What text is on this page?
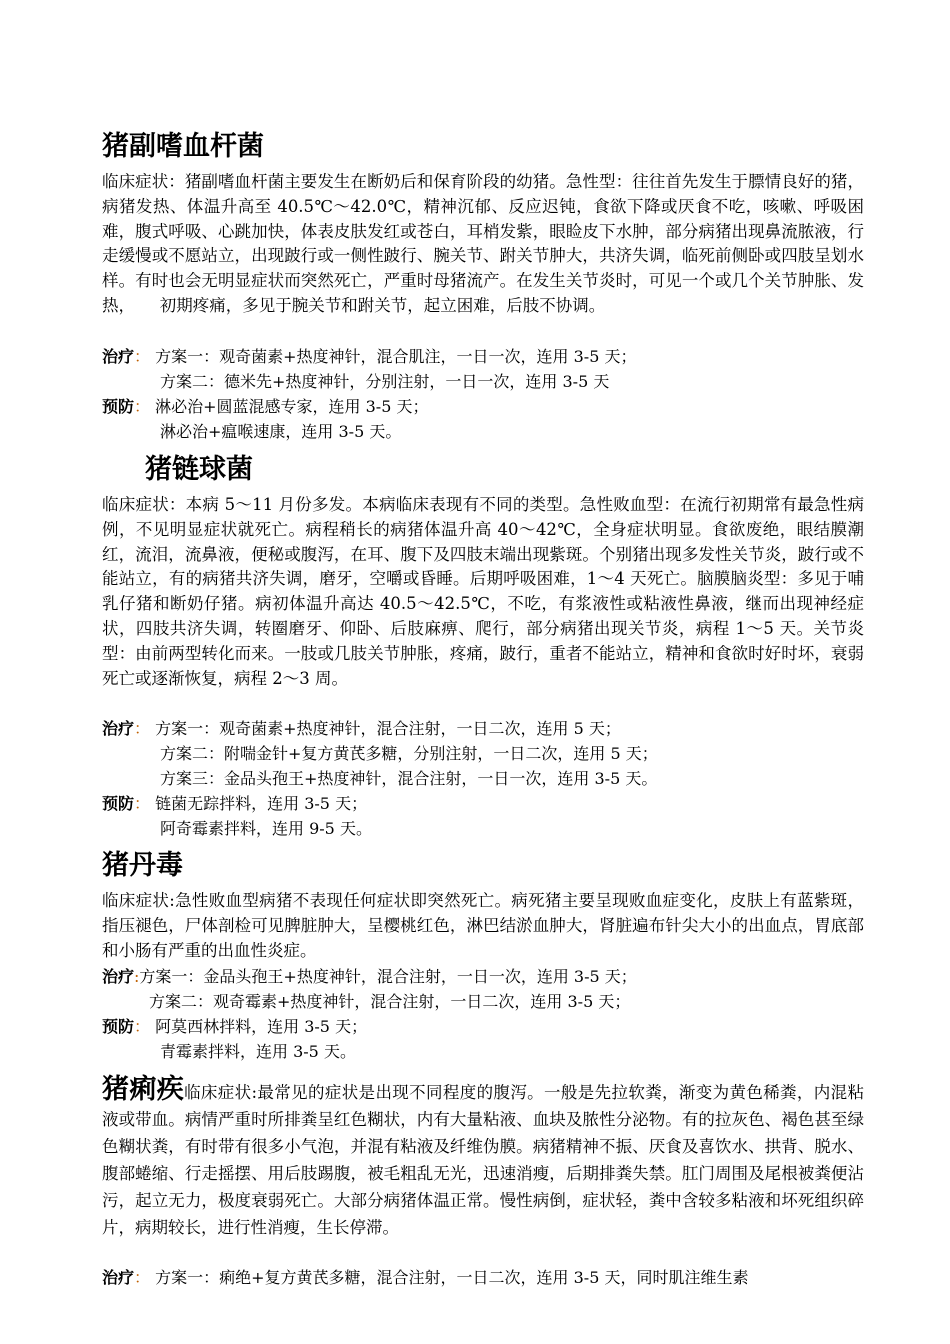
猪副嗜血杆菌

临床症状：猪副嗜血杆菌主要发生在断奶后和保育阶段的幼猪。急性型：往往首先发生于膘情良好的猪，病猪发热、体温升高至 40.5℃～42.0℃，精神沉郁、反应迟钝，食欲下降或厌食不吃，咳嗽、呼吸困难，腹式呼吸、心跳加快，体表皮肤发红或苍白，耳梢发紫，眼睑皮下水肿，部分病猪出现鼻流脓液，行走缓慢或不愿站立，出现跛行或一侧性跛行、腕关节、跗关节肿大，共济失调，临死前侧卧或四肢呈划水样。有时也会无明显症状而突然死亡，严重时母猪流产。在发生关节炎时，可见一个或几个关节肿胀、发热，　　初期疼痛，多见于腕关节和跗关节，起立困难，后肢不协调。

治疗： 方案一：观奇菌素+热度神针，混合肌注，一日一次，连用 3-5 天；
方案二：德米先+热度神针，分别注射，一日一次，连用 3-5 天
预防： 淋必治+圆蓝混感专家，连用 3-5 天；
淋必治+瘟喉速康，连用 3-5 天。
猪链球菌

临床症状：本病 5～11 月份多发。本病临床表现有不同的类型。急性败血型：在流行初期常有最急性病例，不见明显症状就死亡。病程稍长的病猪体温升高 40～42℃，全身症状明显。食欲废绝，眼结膜潮红，流泪，流鼻液，便秘或腹泻，在耳、腹下及四肢末端出现紫斑。个别猪出现多发性关节炎，跛行或不能站立，有的病猪共济失调，磨牙，空嚼或昏睡。后期呼吸困难，1～4 天死亡。脑膜脑炎型：多见于哺乳仔猪和断奶仔猪。病初体温升高达 40.5～42.5℃，不吃，有浆液性或粘液性鼻液，继而出现神经症状，四肢共济失调，转圈磨牙、仰卧、后肢麻痹、爬行，部分病猪出现关节炎，病程 1～5 天。关节炎型：由前两型转化而来。一肢或几肢关节肿胀，疼痛，跛行，重者不能站立，精神和食欲时好时坏，衰弱死亡或逐渐恢复，病程 2～3 周。

治疗： 方案一：观奇菌素+热度神针，混合注射，一日二次，连用 5 天；
方案二：附喘金针+复方黄芪多糖，分别注射，一日二次，连用 5 天；
方案三：金品头孢王+热度神针，混合注射，一日一次，连用 3-5 天。
预防： 链菌无踪拌料，连用 3-5 天；
阿奇霉素拌料，连用 9-5 天。
猪丹毒

临床症状:急性败血型病猪不表现任何症状即突然死亡。病死猪主要呈现败血症变化，皮肤上有蓝紫斑，指压褪色，尸体剖检可见脾脏肿大，呈樱桃红色，淋巴结淤血肿大，肾脏遍布针尖大小的出血点，胃底部和小肠有严重的出血性炎症。

治疗:方案一：金品头孢王+热度神针，混合注射，一日一次，连用 3-5 天；
方案二：观奇霉素+热度神针，混合注射，一日二次，连用 3-5 天；
预防： 阿莫西林拌料，连用 3-5 天；
青霉素拌料，连用 3-5 天。

猪痢疾临床症状:最常见的症状是出现不同程度的腹泻。一般是先拉软粪，渐变为黄色稀粪，内混粘液或带血。病情严重时所排粪呈红色糊状，内有大量粘液、血块及脓性分泌物。有的拉灰色、褐色甚至绿色糊状粪，有时带有很多小气泡，并混有粘液及纤维伪膜。病猪精神不振、厌食及喜饮水、拱背、脱水、腹部蜷缩、行走摇摆、用后肢踢腹，被毛粗乱无光，迅速消瘦，后期排粪失禁。肛门周围及尾根被粪便沾污，起立无力，极度衰弱死亡。大部分病猪体温正常。慢性病倒，症状轻，粪中含较多粘液和坏死组织碎片，病期较长，进行性消瘦，生长停滞。

治疗： 方案一：痢绝+复方黄芪多糖，混合注射，一日二次，连用 3-5 天，同时肌注维生素
